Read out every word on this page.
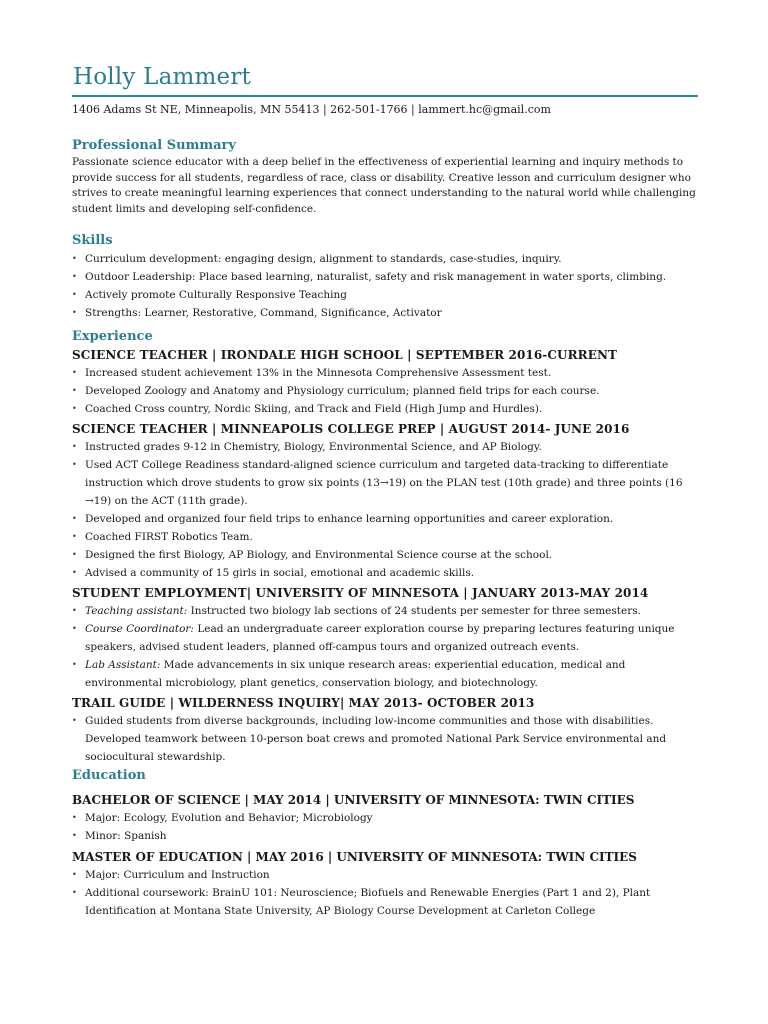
Holly Lammert
1406 Adams St NE, Minneapolis, MN 55413 | 262-501-1766 | lammert.hc@gmail.com
Professional Summary
Passionate science educator with a deep belief in the effectiveness of experiential learning and inquiry methods to provide success for all students, regardless of race, class or disability. Creative lesson and curriculum designer who strives to create meaningful learning experiences that connect understanding to the natural world while challenging student limits and developing self-confidence.
Skills
• Curriculum development: engaging design, alignment to standards, case-studies, inquiry.
• Outdoor Leadership: Place based learning, naturalist, safety and risk management in water sports, climbing.
• Actively promote Culturally Responsive Teaching
• Strengths: Learner, Restorative, Command, Significance, Activator
Experience
SCIENCE TEACHER | IRONDALE HIGH SCHOOL | SEPTEMBER 2016-CURRENT
• Increased student achievement 13% in the Minnesota Comprehensive Assessment test.
• Developed Zoology and Anatomy and Physiology curriculum; planned field trips for each course.
• Coached Cross country, Nordic Skiing, and Track and Field (High Jump and Hurdles).
SCIENCE TEACHER | MINNEAPOLIS COLLEGE PREP | AUGUST 2014- JUNE 2016
• Instructed grades 9-12 in Chemistry, Biology, Environmental Science, and AP Biology.
• Used ACT College Readiness standard-aligned science curriculum and targeted data-tracking to differentiate instruction which drove students to grow six points (13→19) on the PLAN test (10th grade) and three points (16 →19) on the ACT (11th grade).
• Developed and organized four field trips to enhance learning opportunities and career exploration.
• Coached FIRST Robotics Team.
• Designed the first Biology, AP Biology, and Environmental Science course at the school.
• Advised a community of 15 girls in social, emotional and academic skills.
STUDENT EMPLOYMENT| UNIVERSITY OF MINNESOTA | JANUARY 2013-MAY 2014
• Teaching assistant: Instructed two biology lab sections of 24 students per semester for three semesters.
• Course Coordinator: Lead an undergraduate career exploration course by preparing lectures featuring unique speakers, advised student leaders, planned off-campus tours and organized outreach events.
• Lab Assistant: Made advancements in six unique research areas: experiential education, medical and environmental microbiology, plant genetics, conservation biology, and biotechnology.
TRAIL GUIDE | WILDERNESS INQUIRY| MAY 2013- OCTOBER 2013
• Guided students from diverse backgrounds, including low-income communities and those with disabilities. Developed teamwork between 10-person boat crews and promoted National Park Service environmental and sociocultural stewardship.
Education
BACHELOR OF SCIENCE | MAY 2014 | UNIVERSITY OF MINNESOTA: TWIN CITIES
• Major: Ecology, Evolution and Behavior; Microbiology
• Minor: Spanish
MASTER OF EDUCATION | MAY 2016 | UNIVERSITY OF MINNESOTA: TWIN CITIES
• Major: Curriculum and Instruction
• Additional coursework: BrainU 101: Neuroscience; Biofuels and Renewable Energies (Part 1 and 2), Plant Identification at Montana State University, AP Biology Course Development at Carleton College
